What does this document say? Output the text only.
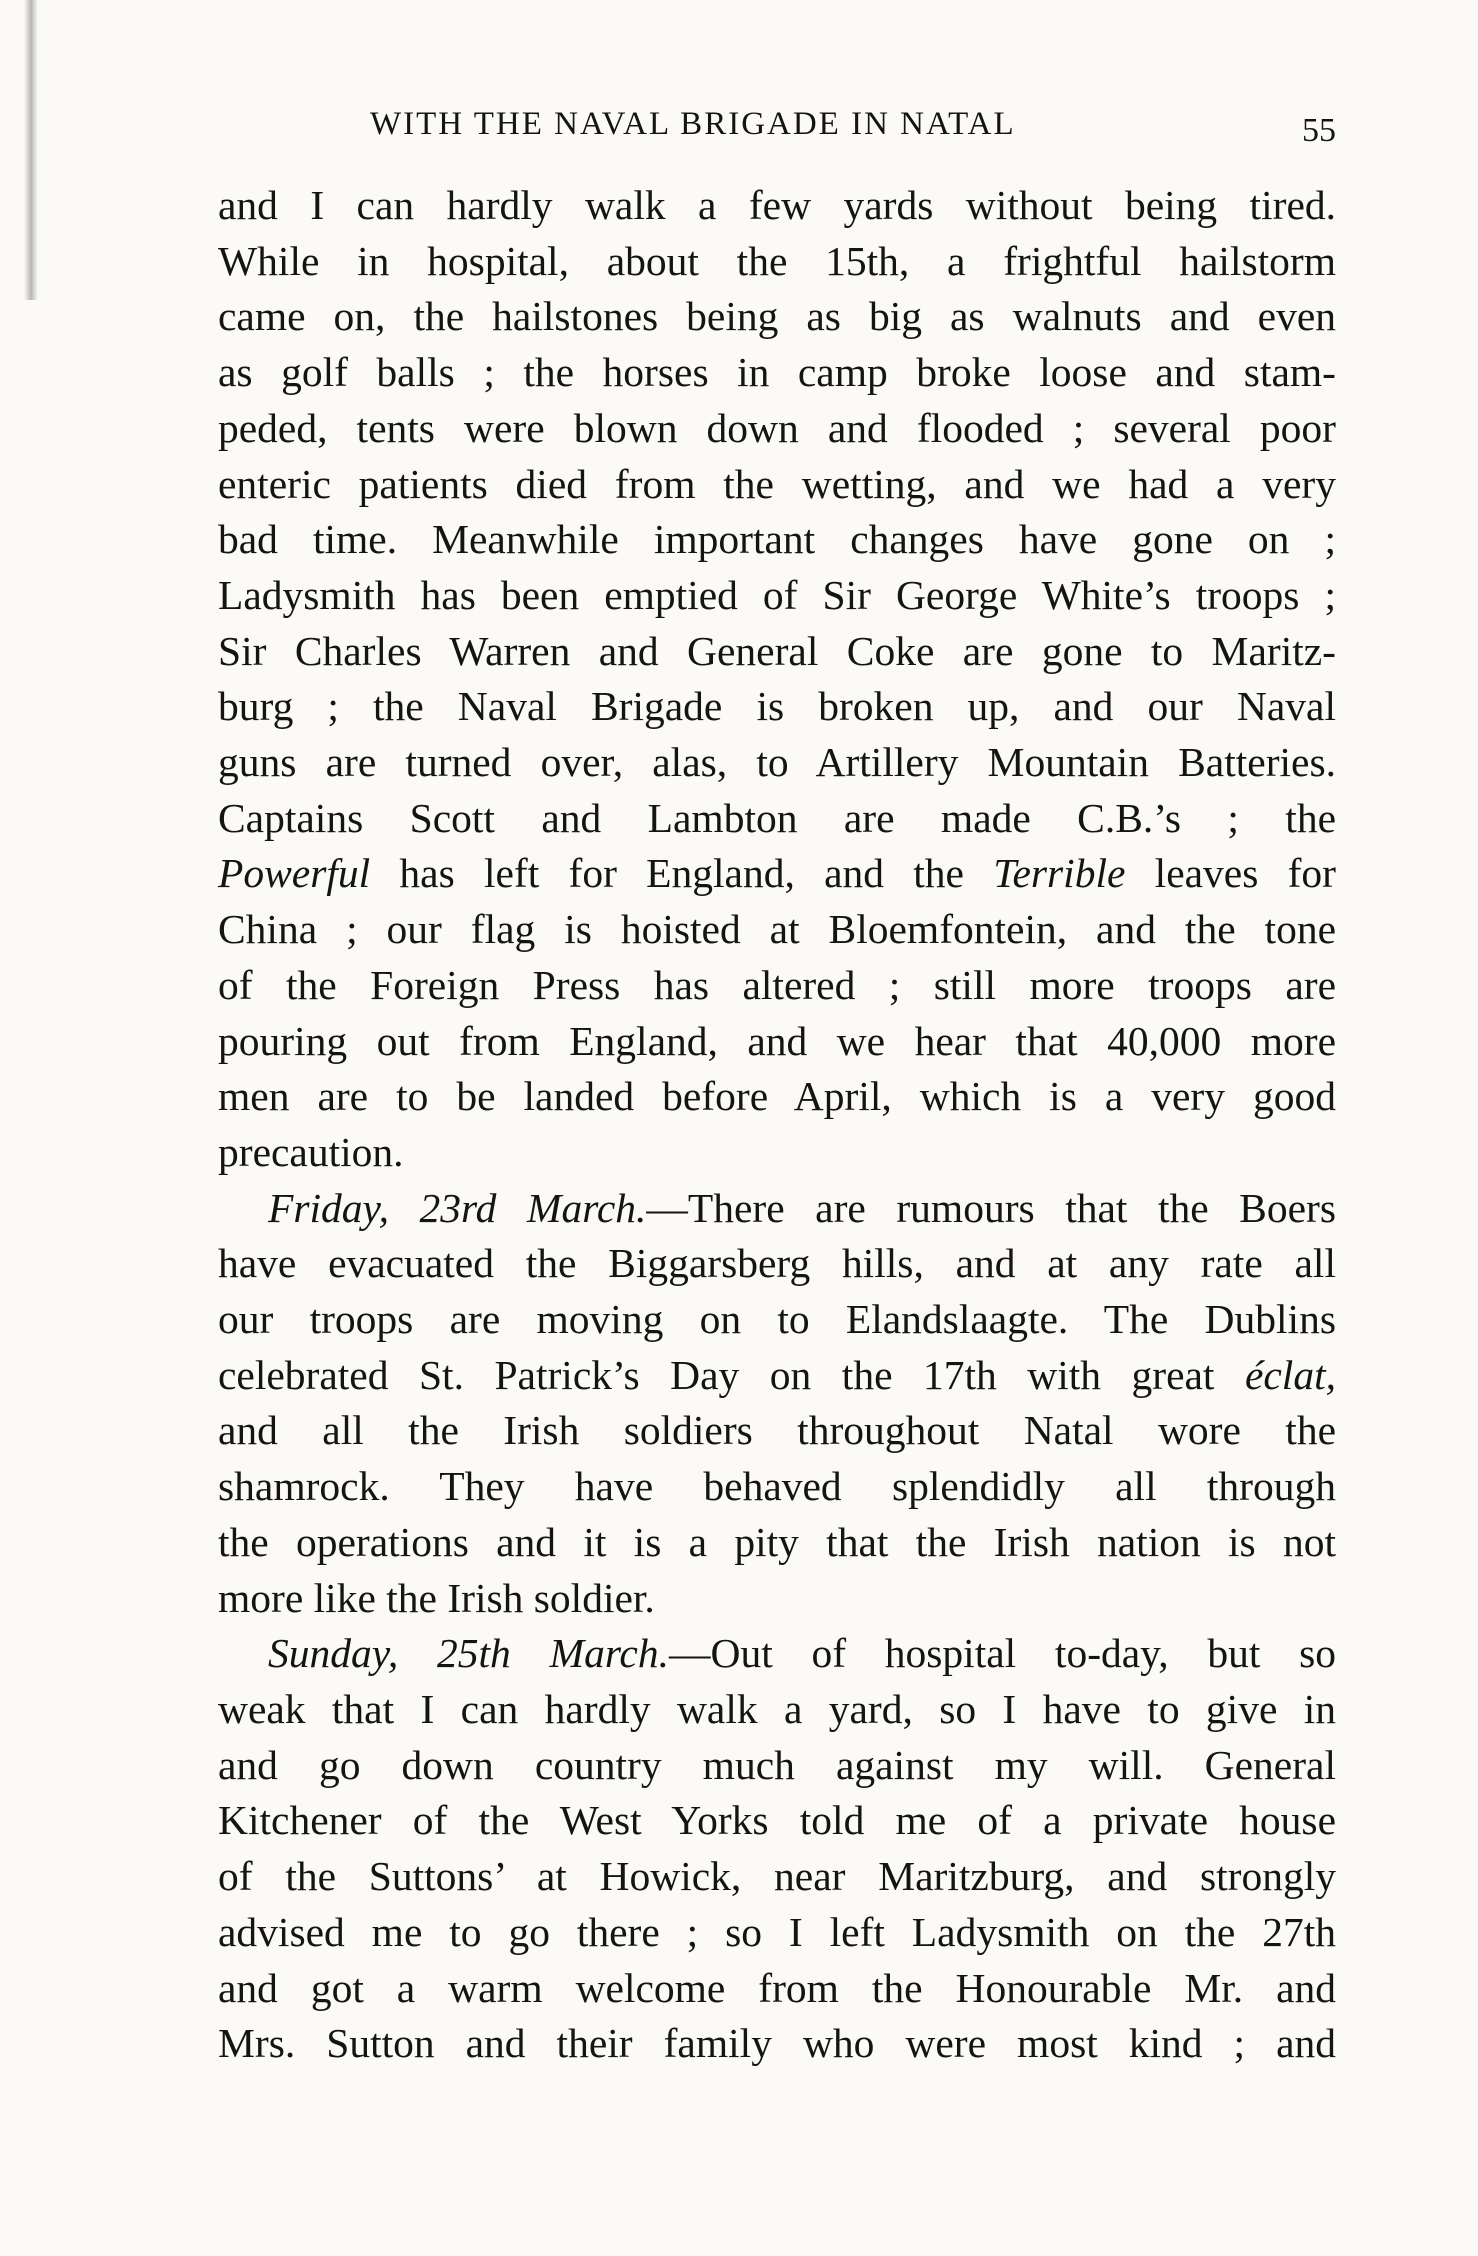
WITH THE NAVAL BRIGADE IN NATAL	55
and I can hardly walk a few yards without being tired.
While in hospital, about the 15th, a frightful hailstorm
came on, the hailstones being as big as walnuts and even
as golf balls ; the horses in camp broke loose and stam-
peded, tents were blown down and flooded ; several poor
enteric patients died from the wetting, and we had a very
bad time. Meanwhile important changes have gone on ;
Ladysmith has been emptied of Sir George White’s troops ;
Sir Charles Warren and General Coke are gone to Maritz-
burg ; the Naval Brigade is broken up, and our Naval
guns are turned over, alas, to Artillery Mountain Batteries.
Captains Scott and Lambton are made C.B.’s ; the
Powerful has left for England, and the Terrible leaves for
China ; our flag is hoisted at Bloemfontein, and the tone
of the Foreign Press has altered ; still more troops are
pouring out from England, and we hear that 40,000 more
men are to be landed before April, which is a very good
precaution.
Friday, 23rd March.—There are rumours that the Boers
have evacuated the Biggarsberg hills, and at any rate all
our troops are moving on to Elandslaagte. The Dublins
celebrated St. Patrick’s Day on the 17th with great éclat,
and all the Irish soldiers throughout Natal wore the
shamrock. They have behaved splendidly all through
the operations and it is a pity that the Irish nation is not
more like the Irish soldier.
Sunday, 25th March.—Out of hospital to-day, but so
weak that I can hardly walk a yard, so I have to give in
and go down country much against my will. General
Kitchener of the West Yorks told me of a private house
of the Suttons’ at Howick, near Maritzburg, and strongly
advised me to go there ; so I left Ladysmith on the 27th
and got a warm welcome from the Honourable Mr. and
Mrs. Sutton and their family who were most kind ; and
